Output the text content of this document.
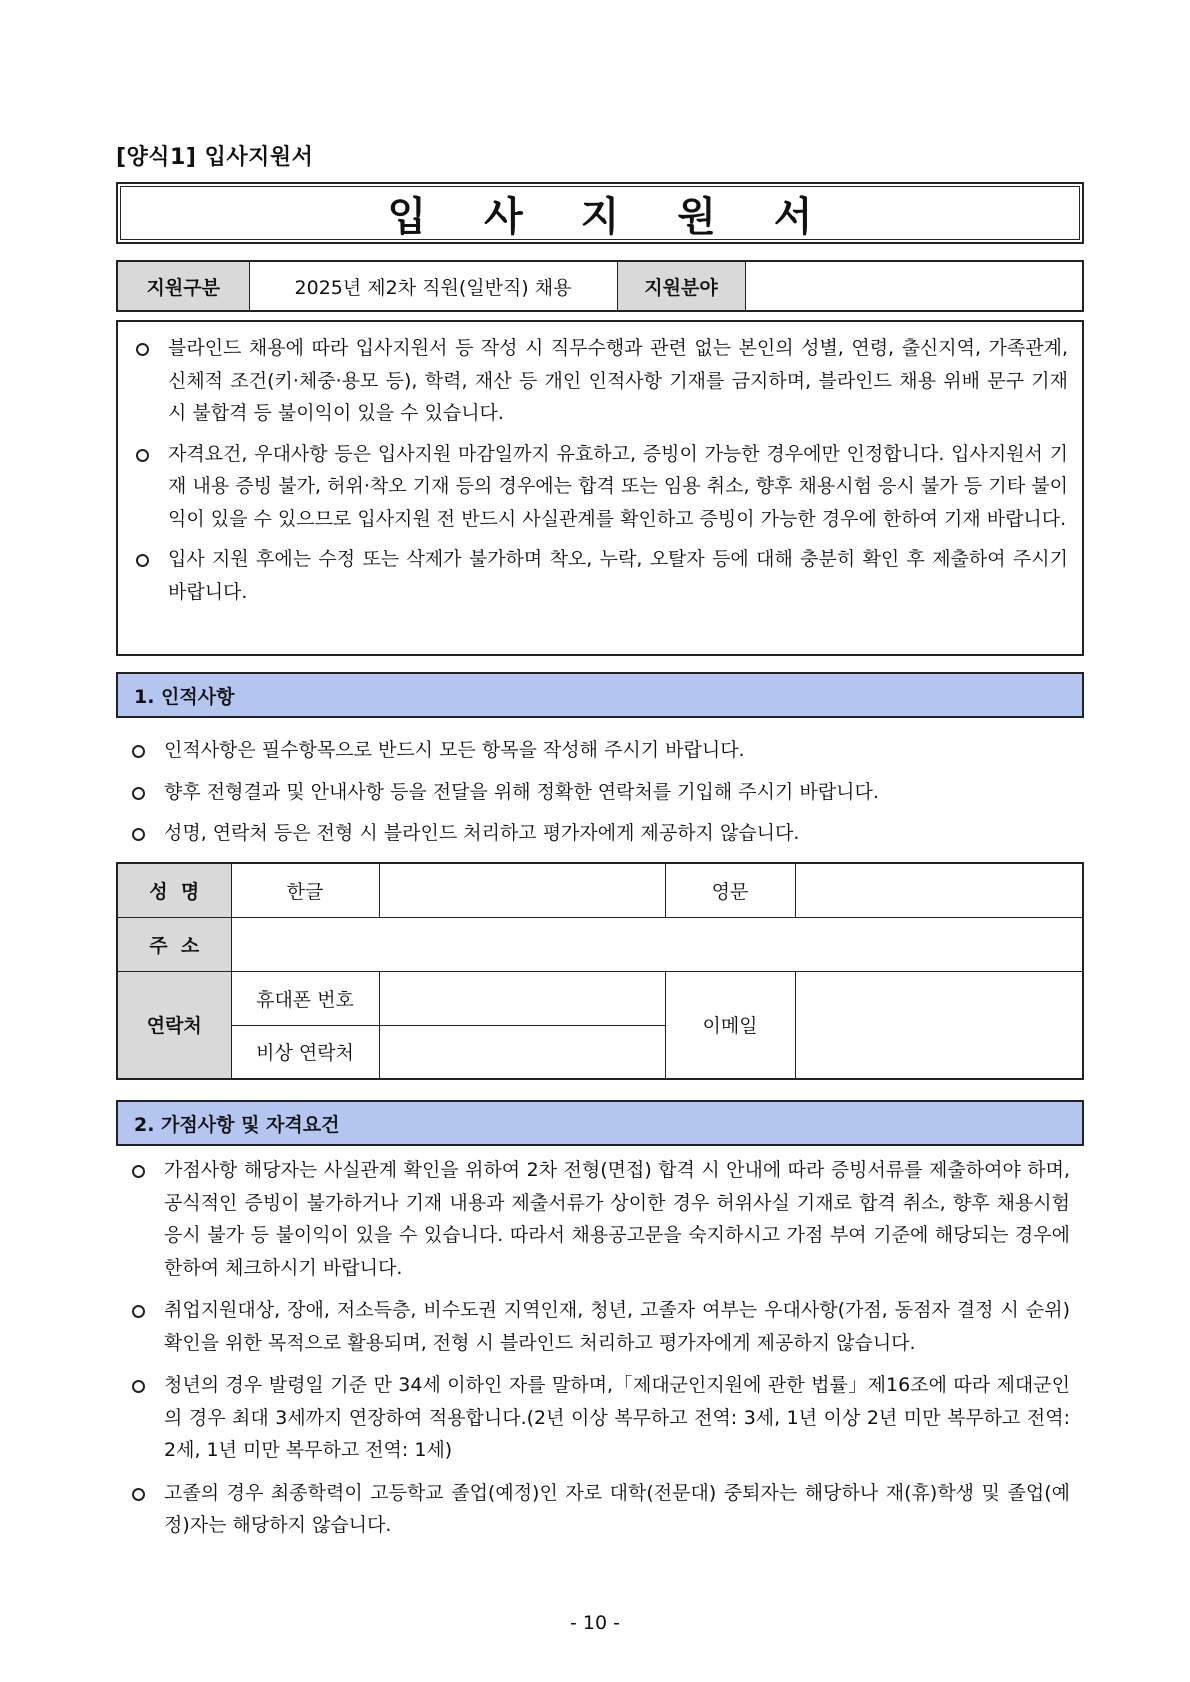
[양식1] 입사지원서
입 사 지 원 서
지원구분	2025년 제2차 직원(일반직) 채용	지원분야	
블라인드 채용에 따라 입사지원서 등 작성 시 직무수행과 관련 없는 본인의 성별, 연령, 출신지역, 가족관계, 신체적 조건(키·체중·용모 등), 학력, 재산 등 개인 인적사항 기재를 금지하며, 블라인드 채용 위배 문구 기재 시 불합격 등 불이익이 있을 수 있습니다.
자격요건, 우대사항 등은 입사지원 마감일까지 유효하고, 증빙이 가능한 경우에만 인정합니다. 입사지원서 기재 내용 증빙 불가, 허위·착오 기재 등의 경우에는 합격 또는 임용 취소, 향후 채용시험 응시 불가 등 기타 불이익이 있을 수 있으므로 입사지원 전 반드시 사실관계를 확인하고 증빙이 가능한 경우에 한하여 기재 바랍니다.
입사 지원 후에는 수정 또는 삭제가 불가하며 착오, 누락, 오탈자 등에 대해 충분히 확인 후 제출하여 주시기 바랍니다.
1. 인적사항
인적사항은 필수항목으로 반드시 모든 항목을 작성해 주시기 바랍니다.
향후 전형결과 및 안내사항 등을 전달을 위해 정확한 연락처를 기입해 주시기 바랍니다.
성명, 연락처 등은 전형 시 블라인드 처리하고 평가자에게 제공하지 않습니다.
성  명	한글		영문	
주  소				
연락처	휴대폰 번호		이메일	
	비상 연락처			
2. 가점사항 및 자격요건
가점사항 해당자는 사실관계 확인을 위하여 2차 전형(면접) 합격 시 안내에 따라 증빙서류를 제출하여야 하며, 공식적인 증빙이 불가하거나 기재 내용과 제출서류가 상이한 경우 허위사실 기재로 합격 취소, 향후 채용시험 응시 불가 등 불이익이 있을 수 있습니다. 따라서 채용공고문을 숙지하시고 가점 부여 기준에 해당되는 경우에 한하여 체크하시기 바랍니다.
취업지원대상, 장애, 저소득층, 비수도권 지역인재, 청년, 고졸자 여부는 우대사항(가점, 동점자 결정 시 순위) 확인을 위한 목적으로 활용되며, 전형 시 블라인드 처리하고 평가자에게 제공하지 않습니다.
청년의 경우 발령일 기준 만 34세 이하인 자를 말하며,「제대군인지원에 관한 법률」제16조에 따라 제대군인의 경우 최대 3세까지 연장하여 적용합니다.(2년 이상 복무하고 전역: 3세, 1년 이상 2년 미만 복무하고 전역: 2세, 1년 미만 복무하고 전역: 1세)
고졸의 경우 최종학력이 고등학교 졸업(예정)인 자로 대학(전문대) 중퇴자는 해당하나 재(휴)학생 및 졸업(예정)자는 해당하지 않습니다.
- 10 -
